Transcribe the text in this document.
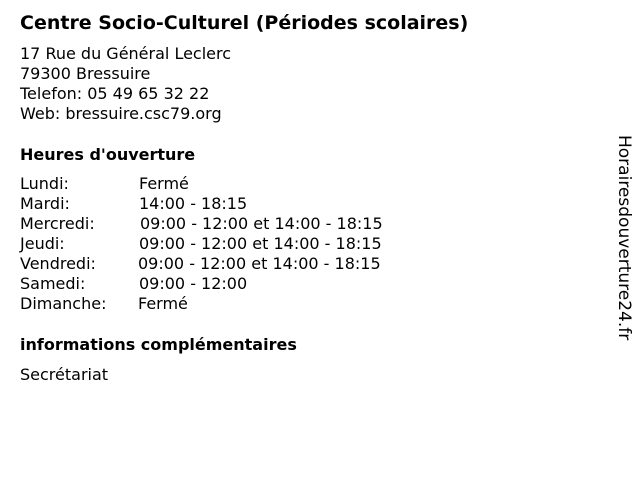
Centre Socio-Culturel (Périodes scolaires)
17 Rue du Général Leclerc
79300 Bressuire
Telefon: 05 49 65 32 22
Web: bressuire.csc79.org
Heures d'ouverture
Lundi:	Fermé
Mardi:	14:00 - 18:15
Mercredi:	09:00 - 12:00 et 14:00 - 18:15
Jeudi:	09:00 - 12:00 et 14:00 - 18:15
Vendredi:	09:00 - 12:00 et 14:00 - 18:15
Samedi:	09:00 - 12:00
Dimanche: Fermé
informations complémentaires
Secrétariat
Horairesdouverture24.fr
